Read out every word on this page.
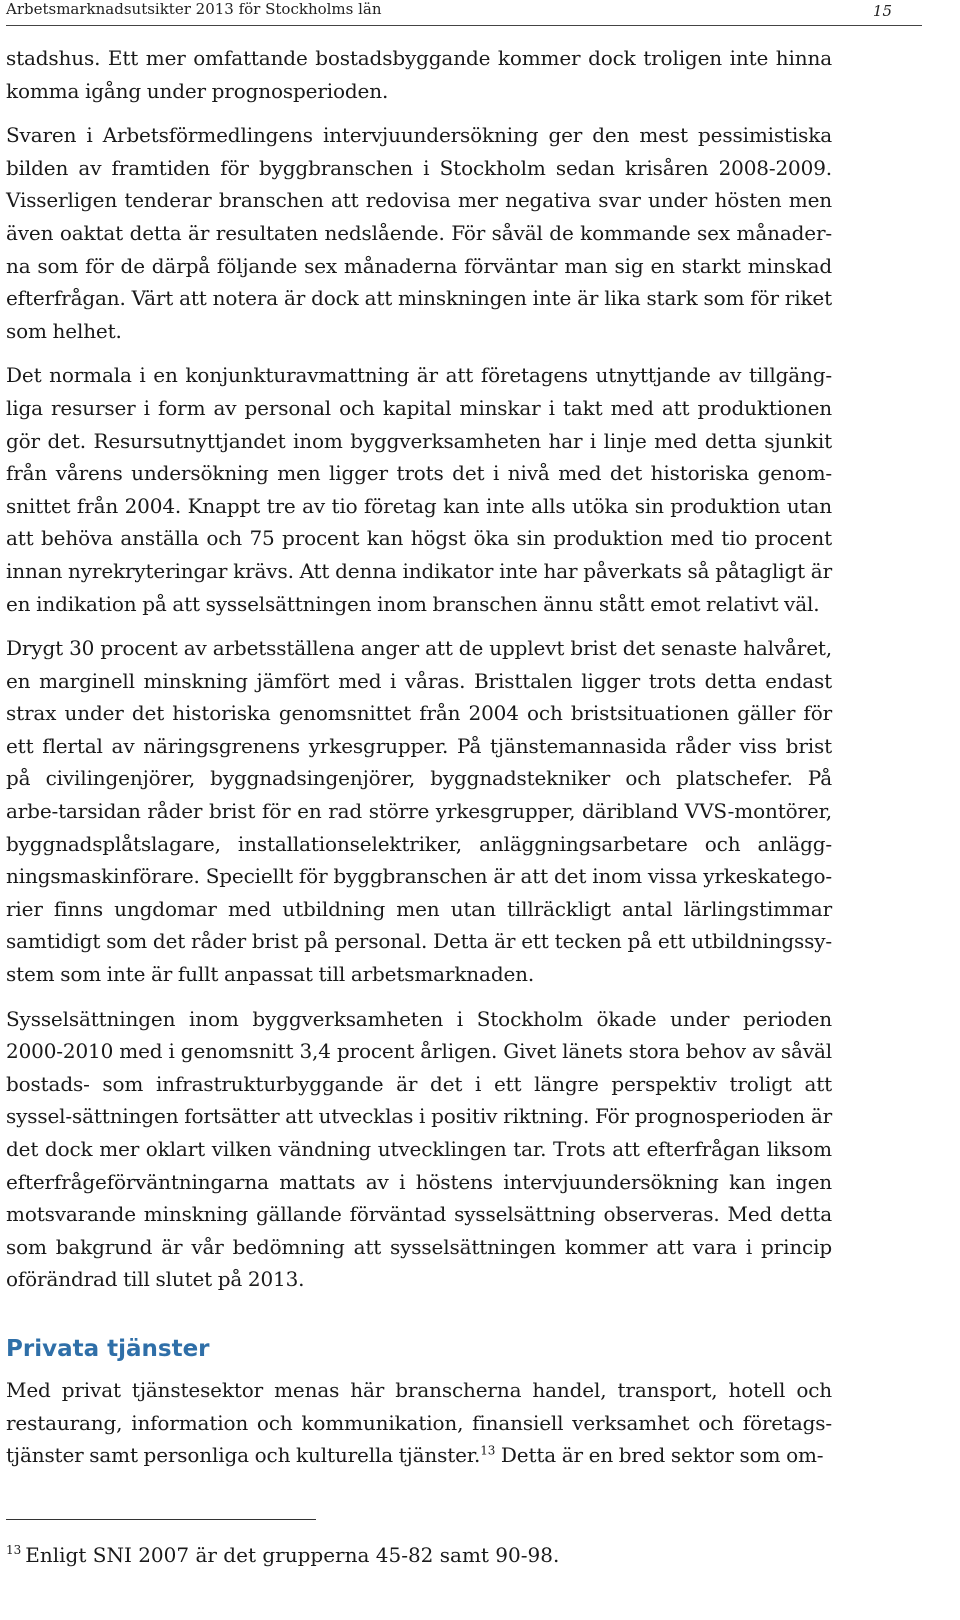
Arbetsmarknadsutsikter 2013 för Stockholms län	15

stadshus. Ett mer omfattande bostadsbyggande kommer dock troligen inte hinna komma igång under prognosperioden.

Svaren i Arbetsförmedlingens intervjuundersökning ger den mest pessimistiska bilden av framtiden för byggbranschen i Stockholm sedan krisåren 2008-2009. Visserligen tenderar branschen att redovisa mer negativa svar under hösten men även oaktat detta är resultaten nedslående. För såväl de kommande sex månader-na som för de därpå följande sex månaderna förväntar man sig en starkt minskad efterfrågan. Värt att notera är dock att minskningen inte är lika stark som för riket som helhet.

Det normala i en konjunkturavmattning är att företagens utnyttjande av tillgäng-liga resurser i form av personal och kapital minskar i takt med att produktionen gör det. Resursutnyttjandet inom byggverksamheten har i linje med detta sjunkit från vårens undersökning men ligger trots det i nivå med det historiska genom-snittet från 2004. Knappt tre av tio företag kan inte alls utöka sin produktion utan att behöva anställa och 75 procent kan högst öka sin produktion med tio procent innan nyrekryteringar krävs. Att denna indikator inte har påverkats så påtagligt är en indikation på att sysselsättningen inom branschen ännu stått emot relativt väl.

Drygt 30 procent av arbetsställena anger att de upplevt brist det senaste halvåret, en marginell minskning jämfört med i våras. Bristtalen ligger trots detta endast strax under det historiska genomsnittet från 2004 och bristsituationen gäller för ett flertal av näringsgrenens yrkesgrupper. På tjänstemannasida råder viss brist på civilingenjörer, byggnadsingenjörer, byggnadstekniker och platschefer. På arbe-tarsidan råder brist för en rad större yrkesgrupper, däribland VVS-montörer, byggnadsplåtslagare, installationselektriker, anläggningsarbetare och anlägg-ningsmaskinförare. Speciellt för byggbranschen är att det inom vissa yrkeskatego-rier finns ungdomar med utbildning men utan tillräckligt antal lärlingstimmar samtidigt som det råder brist på personal. Detta är ett tecken på ett utbildningssy-stem som inte är fullt anpassat till arbetsmarknaden.

Sysselsättningen inom byggverksamheten i Stockholm ökade under perioden 2000-2010 med i genomsnitt 3,4 procent årligen. Givet länets stora behov av såväl bostads- som infrastrukturbyggande är det i ett längre perspektiv troligt att syssel-sättningen fortsätter att utvecklas i positiv riktning. För prognosperioden är det dock mer oklart vilken vändning utvecklingen tar. Trots att efterfrågan liksom efterfrågeförväntningarna mattats av i höstens intervjuundersökning kan ingen motsvarande minskning gällande förväntad sysselsättning observeras. Med detta som bakgrund är vår bedömning att sysselsättningen kommer att vara i princip oförändrad till slutet på 2013.

Privata tjänster

Med privat tjänstesektor menas här branscherna handel, transport, hotell och restaurang, information och kommunikation, finansiell verksamhet och företags-tjänster samt personliga och kulturella tjänster.$^{13}$ Detta är en bred sektor som om-

$^{13}$ Enligt SNI 2007 är det grupperna 45-82 samt 90-98.
